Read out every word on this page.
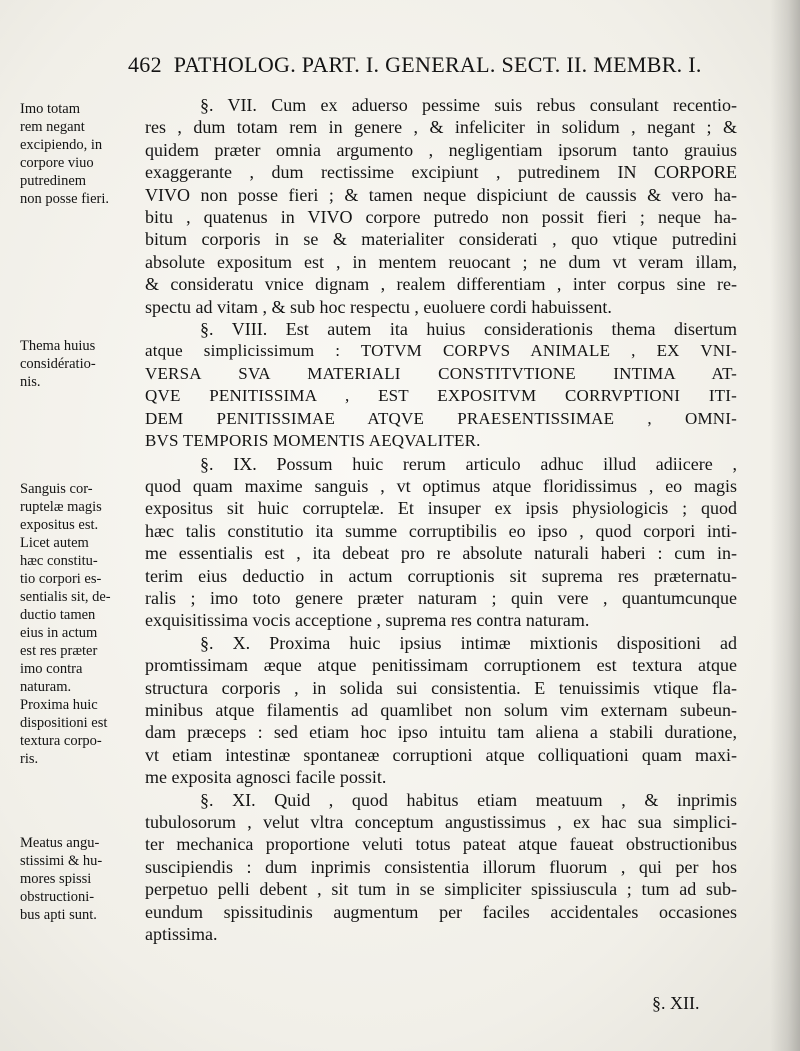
462 PATHOLOG. PART. I. GENERAL. SECT. II. MEMBR. I.
Imo totam
rem negant
excipiendo, in
corpore viuo
putredinem
non posse fieri.
Thema huius
considératio-
nis.
Sanguis cor-
ruptelæ magis
expositus est.
Licet autem
hæc constitu-
tio corpori es-
sentialis sit, de-
ductio tamen
eius in actum
est res præter
imo contra
naturam.
Proxima huic
dispositioni est
textura corpo-
ris.
Meatus angu-
stissimi & hu-
mores spissi
obstructioni-
bus apti sunt.
§. VII. Cum ex aduerso pessime suis rebus consulant recentio-
res , dum totam rem in genere , & infeliciter in solidum , negant ; &
quidem præter omnia argumento , negligentiam ipsorum tanto grauius
exaggerante , dum rectissime excipiunt , putredinem IN CORPORE
VIVO non posse fieri ; & tamen neque dispiciunt de caussis & vero ha-
bitu , quatenus in VIVO corpore putredo non possit fieri ; neque ha-
bitum corporis in se & materialiter considerati , quo vtique putredini
absolute expositum est , in mentem reuocant ; ne dum vt veram illam,
& consideratu vnice dignam , realem differentiam , inter corpus sine re-
spectu ad vitam , & sub hoc respectu , euoluere cordi habuissent.
§. VIII. Est autem ita huius considerationis thema disertum
atque simplicissimum : TOTVM CORPVS ANIMALE , EX VNI-
VERSA SVA MATERIALI CONSTITVTIONE INTIMA AT-
QVE PENITISSIMA , EST EXPOSITVM CORRVPTIONI ITI-
DEM PENITISSIMAE ATQVE PRAESENTISSIMAE , OMNI-
BVS TEMPORIS MOMENTIS AEQVALITER.
§. IX. Possum huic rerum articulo adhuc illud adiicere ,
quod quam maxime sanguis , vt optimus atque floridissimus , eo magis
expositus sit huic corruptelæ. Et insuper ex ipsis physiologicis ; quod
hæc talis constitutio ita summe corruptibilis eo ipso , quod corpori inti-
me essentialis est , ita debeat pro re absolute naturali haberi : cum in-
terim eius deductio in actum corruptionis sit suprema res præternatu-
ralis ; imo toto genere præter naturam ; quin vere , quantumcunque
exquisitissima vocis acceptione , suprema res contra naturam.
§. X. Proxima huic ipsius intimæ mixtionis dispositioni ad
promtissimam æque atque penitissimam corruptionem est textura atque
structura corporis , in solida sui consistentia. E tenuissimis vtique fla-
minibus atque filamentis ad quamlibet non solum vim externam subeun-
dam præceps : sed etiam hoc ipso intuitu tam aliena a stabili duratione,
vt etiam intestinæ spontaneæ corruptioni atque colliquationi quam maxi-
me exposita agnosci facile possit.
§. XI. Quid , quod habitus etiam meatuum , & inprimis
tubulosorum , velut vltra conceptum angustissimus , ex hac sua simplici-
ter mechanica proportione veluti totus pateat atque faueat obstructionibus
suscipiendis : dum inprimis consistentia illorum fluorum , qui per hos
perpetuo pelli debent , sit tum in se simpliciter spissiuscula ; tum ad sub-
eundum spissitudinis augmentum per faciles accidentales occasiones
aptissima.
§. XII.
